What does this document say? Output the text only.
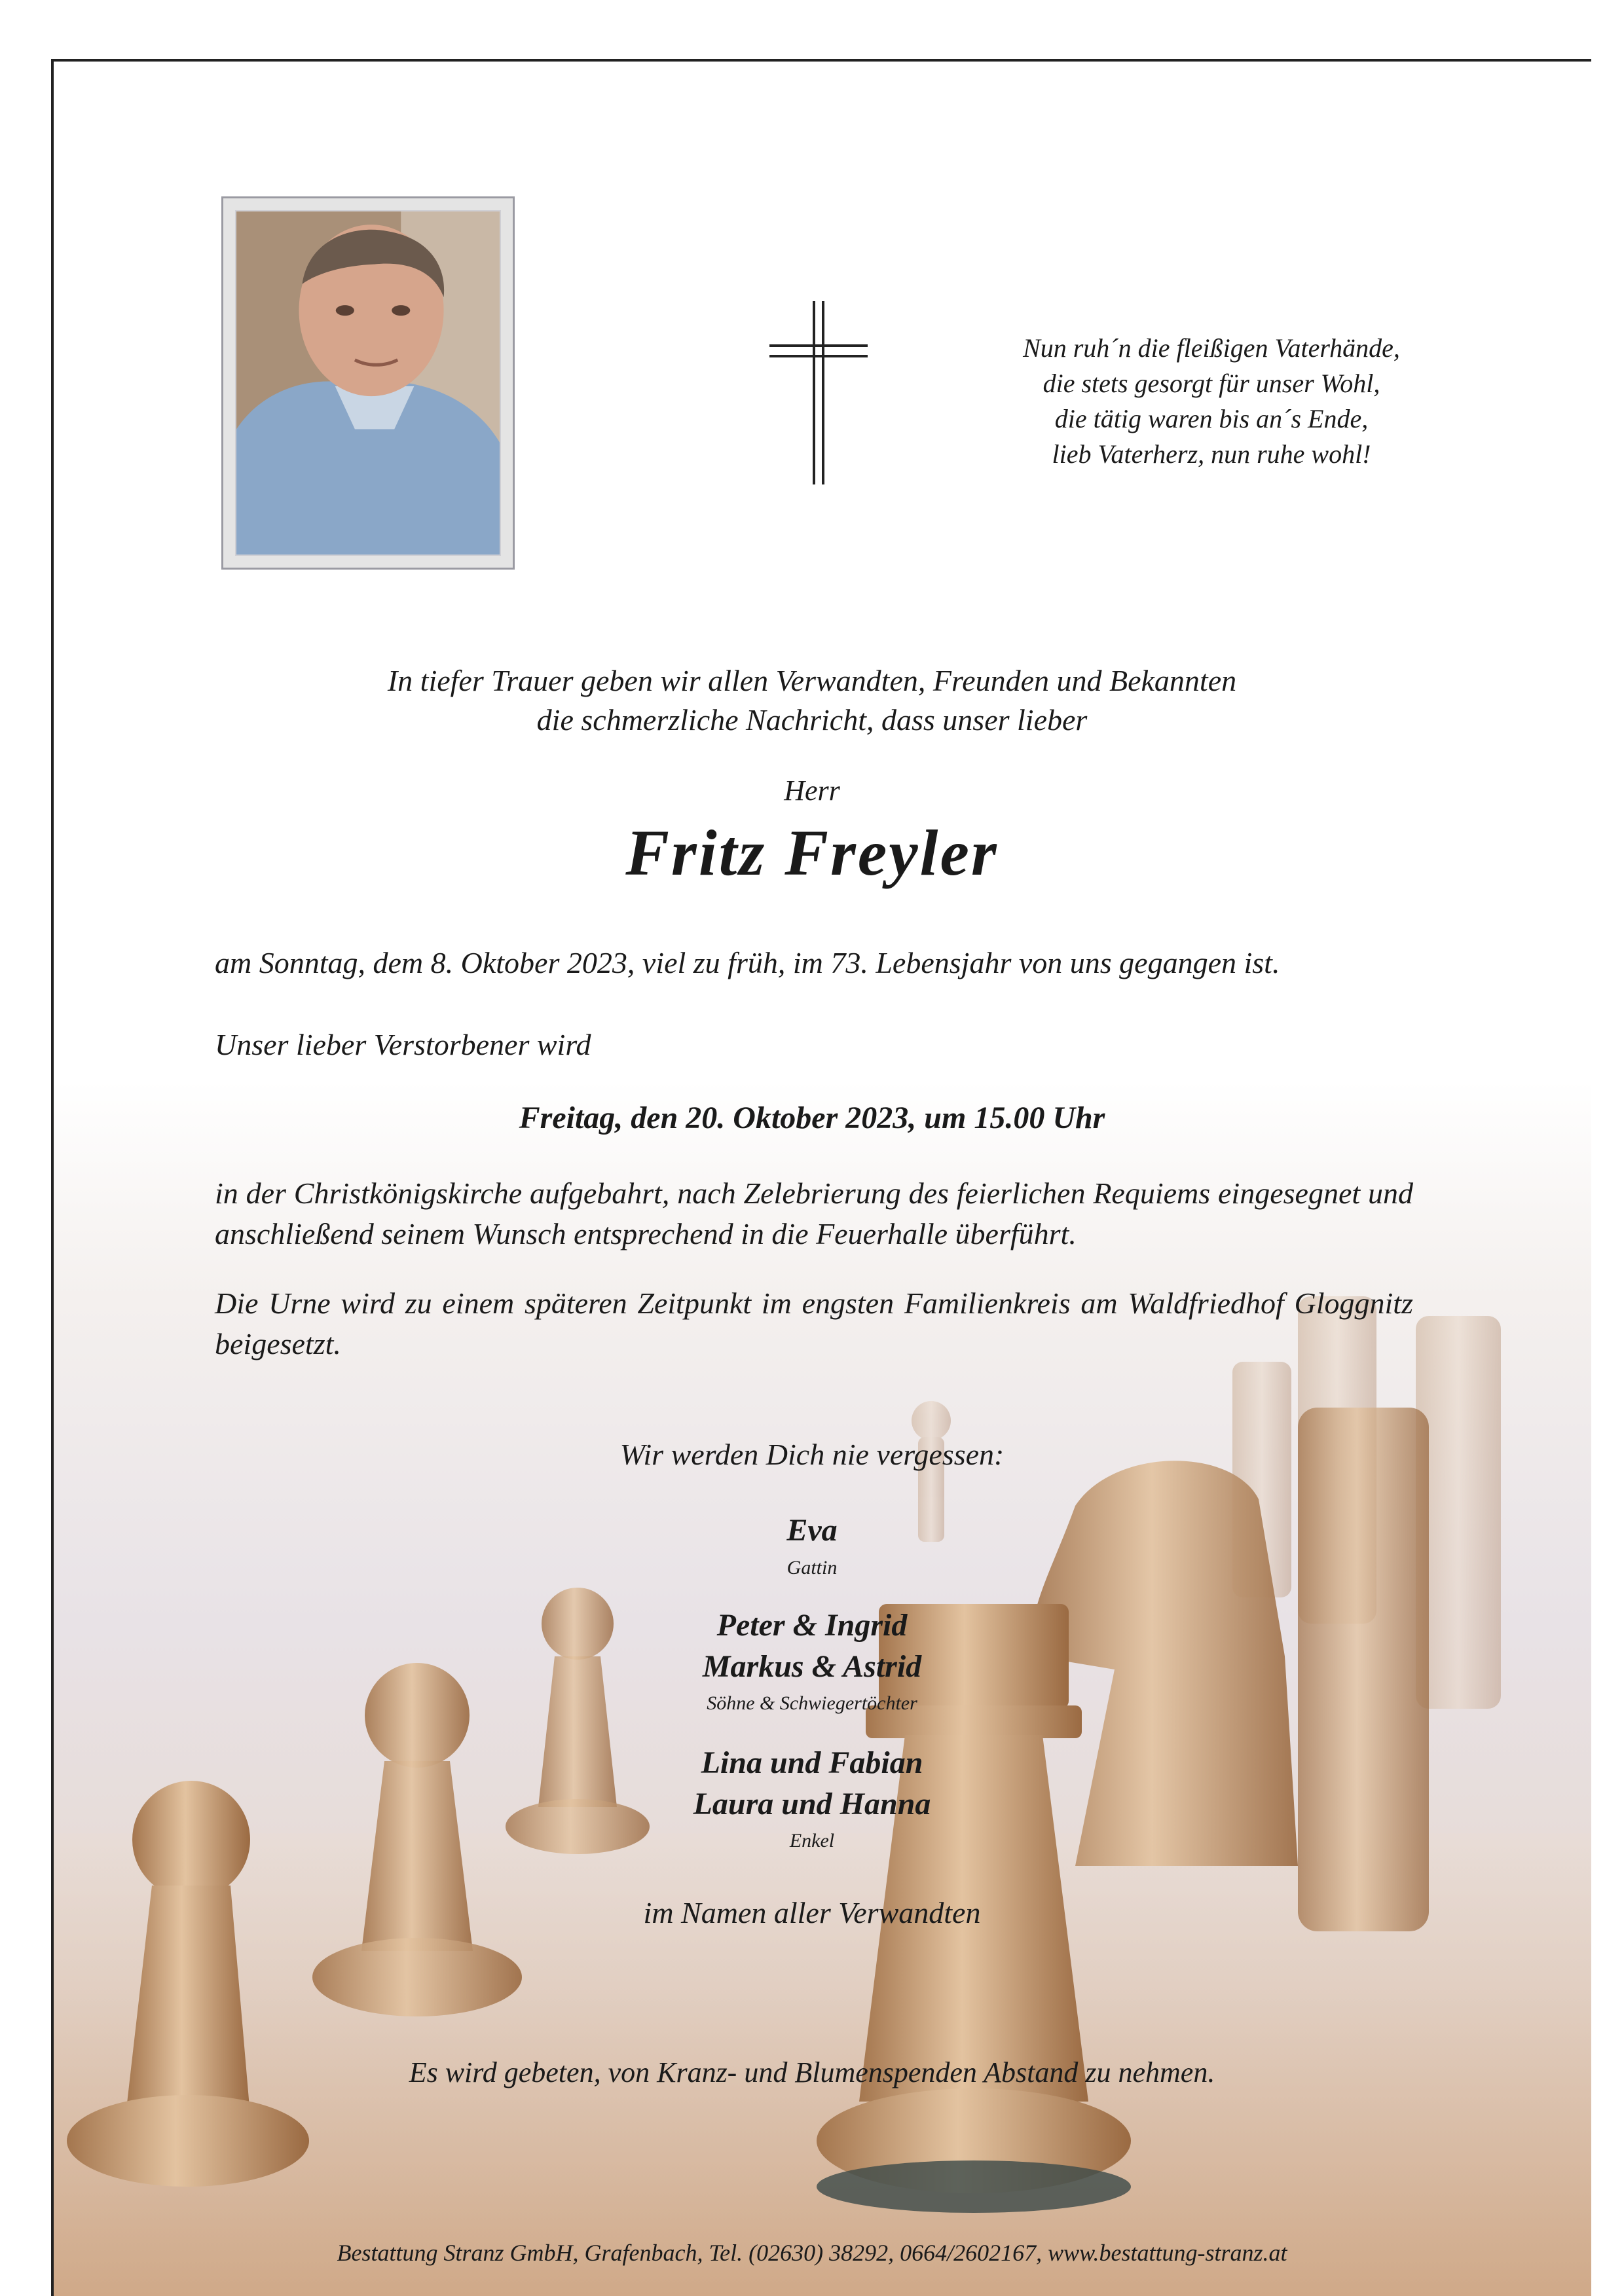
Nun ruh´n die fleißigen Vaterhände,
die stets gesorgt für unser Wohl,
die tätig waren bis an´s Ende,
lieb Vaterherz, nun ruhe wohl!
In tiefer Trauer geben wir allen Verwandten, Freunden und Bekannten
die schmerzliche Nachricht, dass unser lieber
Herr
Fritz Freyler
am Sonntag, dem 8. Oktober 2023, viel zu früh, im 73. Lebensjahr von uns gegangen ist.
Unser lieber Verstorbener wird
Freitag, den 20. Oktober 2023, um 15.00 Uhr
in der Christkönigskirche aufgebahrt, nach Zelebrierung des feierlichen Requiems eingesegnet und anschließend seinem Wunsch entsprechend in die Feuerhalle überführt.
Die Urne wird zu einem späteren Zeitpunkt im engsten Familienkreis am Waldfriedhof Gloggnitz beigesetzt.
Wir werden Dich nie vergessen:
Eva
Gattin
Peter & Ingrid
Markus & Astrid
Söhne & Schwiegertöchter
Lina und Fabian
Laura und Hanna
Enkel
im Namen aller Verwandten
Es wird gebeten, von Kranz- und Blumenspenden Abstand zu nehmen.
Bestattung Stranz GmbH, Grafenbach, Tel. (02630) 38292, 0664/2602167, www.bestattung-stranz.at
